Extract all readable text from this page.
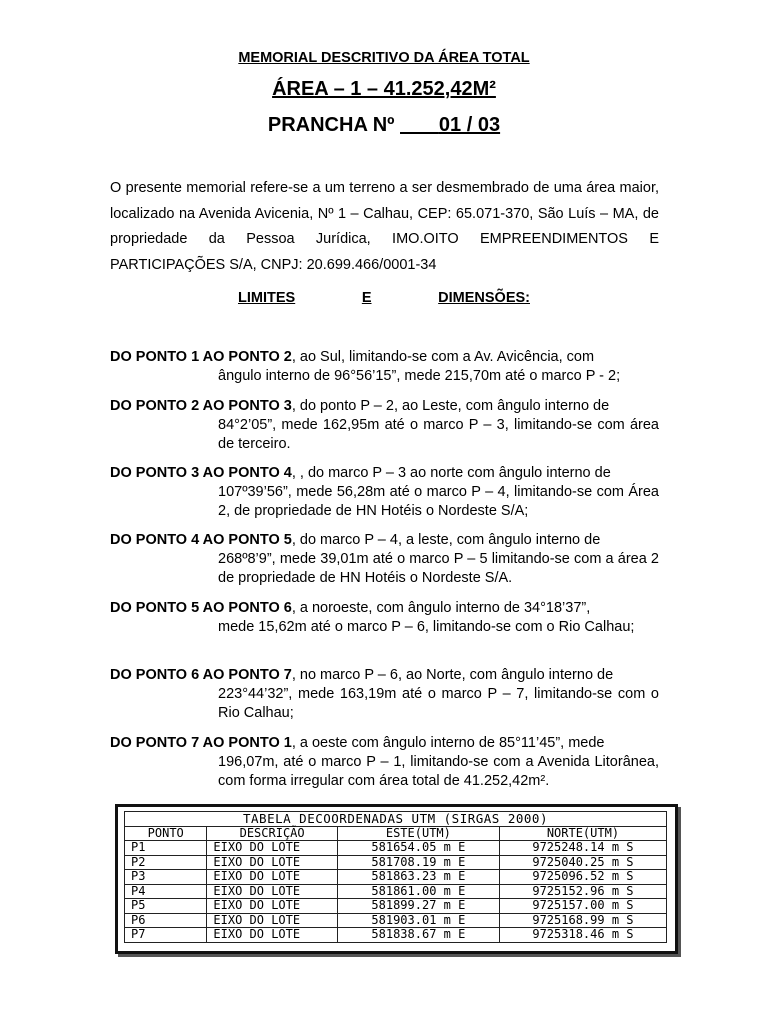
MEMORIAL DESCRITIVO DA ÁREA TOTAL
ÁREA – 1 – 41.252,42M²
PRANCHA Nº 01 / 03
O presente memorial refere-se a um terreno a ser desmembrado de uma área maior, localizado na Avenida Avicenia, Nº 1 – Calhau, CEP: 65.071-370, São Luís – MA, de propriedade da Pessoa Jurídica, IMO.OITO EMPREENDIMENTOS E PARTICIPAÇÕES S/A, CNPJ: 20.699.466/0001-34
LIMITES	E	DIMENSÕES:
DO PONTO 1 AO PONTO 2, ao Sul, limitando-se com a Av. Avicência, com
ângulo interno de 96°56’15”, mede 215,70m até o marco P - 2;
DO PONTO 2 AO PONTO 3, do ponto P – 2, ao Leste, com ângulo interno de
84°2’05”, mede 162,95m até o marco P – 3, limitando-se com área de terceiro.
DO PONTO 3 AO PONTO 4, , do marco P – 3 ao norte com ângulo interno de
107º39’56”, mede 56,28m até o marco P – 4, limitando-se com Área 2, de propriedade de HN Hotéis o Nordeste S/A;
DO PONTO 4 AO PONTO 5, do marco P – 4, a leste, com ângulo interno de
268º8’9”, mede 39,01m até o marco P – 5 limitando-se com a área 2 de propriedade de HN Hotéis o Nordeste S/A.
DO PONTO 5 AO PONTO 6, a noroeste, com ângulo interno de 34°18’37”,
mede 15,62m até o marco P – 6, limitando-se com o Rio Calhau;
DO PONTO 6 AO PONTO 7, no marco P – 6, ao Norte, com ângulo interno de
223°44’32”, mede 163,19m até o marco P – 7, limitando-se com o Rio Calhau;
DO PONTO 7 AO PONTO 1, a oeste com ângulo interno de 85°11’45”, mede
196,07m, até o marco P – 1, limitando-se com a Avenida Litorânea, com forma irregular com área total de 41.252,42m².
TABELA DECOORDENADAS UTM (SIRGAS 2000)			
PONTO	DESCRIÇÃO	ESTE(UTM)	NORTE(UTM)
P1	EIXO DO LOTE	581654.05 m E	9725248.14 m S
P2	EIXO DO LOTE	581708.19 m E	9725040.25 m S
P3	EIXO DO LOTE	581863.23 m E	9725096.52 m S
P4	EIXO DO LOTE	581861.00 m E	9725152.96 m S
P5	EIXO DO LOTE	581899.27 m E	9725157.00 m S
P6	EIXO DO LOTE	581903.01 m E	9725168.99 m S
P7	EIXO DO LOTE	581838.67 m E	9725318.46 m S
